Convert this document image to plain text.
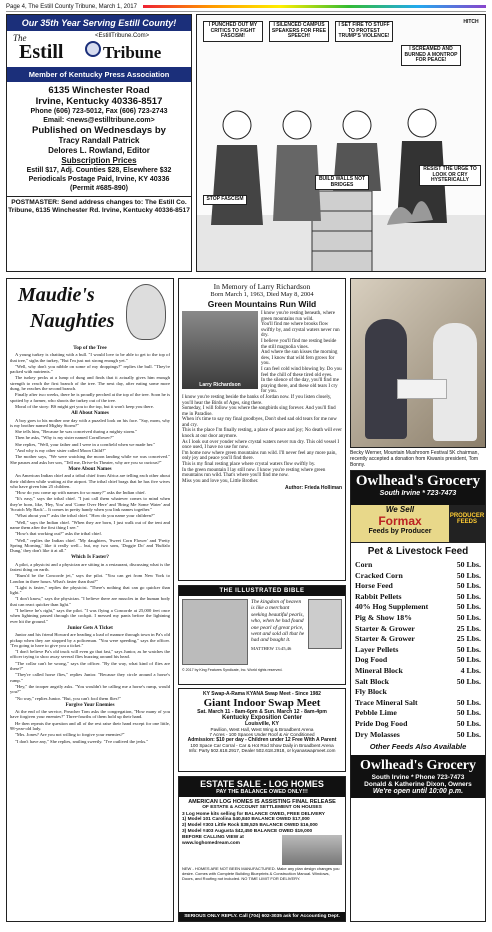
Page 4, The Estill County Tribune, March 1, 2017
Our 35th Year Serving Estill County!
The	<EstillTribune.Com>
Estill Tribune
Member of Kentucky Press Association
6135 Winchester Road
Irvine, Kentucky 40336-8517
Phone (606) 723-5012, Fax (606) 723-2743
Email: <news@estilltribune.com>
Published on Wednesdays by
Tracy Randall Patrick
Delores L. Rowland, Editor
Subscription Prices
Estill $17, Adj. Counties $28, Elsewhere $32
Periodicals Postage Paid, Irvine, KY 40336
(Permit #685-890)
POSTMASTER: Send address changes to: The Estill Co. Tribune, 6135 Winchester Rd. Irvine, Kentucky 40336-8517
I PUNCHED OUT MY CRITICS TO FIGHT FASCISM!
I SILENCED CAMPUS SPEAKERS FOR FREE SPEECH!
I SET FIRE TO STUFF TO PROTEST TRUMP'S VIOLENCE!
I SCREAMED AND BURNED A MONTROP FOR PEACE!
RESIST THE URGE TO LOOK OR CRY HYSTERICALLY
STOP FASCISM
BUILD WALLS NOT BRIDGES
HITCH
Maudie's
Naughties
Top of the Tree

A young turkey is chatting with a bull. "I would love to be able to get to the top of that tree," sighs the turkey, "But I'm just not strong enough yet."

"Well, why don't you nibble on some of my droppings?" replies the bull. "They're packed with nutrients."

The turkey pecks at a lump of dung and finds that it actually gives him enough strength to reach the first branch of the tree. The next day, after eating some more dung, he reaches the second branch.

Finally after two weeks, there he is proudly perched at the top of the tree. Soon he is spotted by a farmer, who shoots the turkey out of the tree.

Moral of the story: BS might get you to the top, but it won't keep you there.

All About Names

A boy goes to his mother one day with a puzzled look on his face. "Say, mom, why is my brother named Mighty Storm?"

She tells him, "Because he was conceived during a mighty storm."

Then he asks, "Why is my sister named Cornflower?"

She replies, "Well, your father and I were in a cornfield when we made her."

"And why is my other sister called Moon Child?"

The mother says, "We were watching the moon landing while we was conceived." She pauses and asks her son, "Tell me, Drive-In Theater, why are you so curious?"

More About Names

An American Indian chief and a tribal chief from Africa are telling each other about their children while waiting at the airport. The tribal chief brags that he has five wives who have given him 25 children.

"How do you come up with names for so many?" asks the Indian chief.

"It's easy," says the tribal chief. "I just call them whatever comes to mind when they're born, like, 'Hey, You' and 'Come Over Here' and 'Bring Me Some Water' and 'Scratch My Back'... It comes in pretty handy when you link names together."

"What about you?" asks the tribal chief. "How do you name your children?"

"Well," says the Indian chief. "When they are born, I just walk out of the tent and name them after the first thing I see."

"How's that working out?" asks the tribal chief.

"Well," replies the Indian chief. "My daughters, 'Sweet Corn Flower' and 'Pretty Spring Morning,' like it really well... but, my two sons, 'Doggie Do' and 'Buffalo Dung,' they don't like it at all."

Which Is Faster?

A pilot, a physicist and a physician are sitting in a restaurant, discussing what is the fastest thing on earth.

"Runs'd be the Concorde jet," says the pilot. "You can get from New York to London in three hours. What's faster than that?"

"Light is faster," replies the physicist. "There's nothing that can go quicker than light."

"I don't know," says the physician. "I believe there are muscles in the human body that can react quicker than light."

"I believe he's right," says the pilot. "I was flying a Concorde at 25,000 feet once when lightning passed through the cockpit. I messed my pants before the lightning ever hit the ground."

Junior Gets A Ticket

Junior and his friend Howard are heading a load of manure through town in Pa's old pickup when they are stopped by a policeman. "You were speeding," says the officer. "I'm going to have to give you a ticket."

"I don't believe Pa's old truck will even go that fast," says Junior, as he watches the officer trying to shoo away several flies buzzing around his head.

"The collar can't be wrong," says the officer. "By the way, what kind of flies are these?"

"They're called horse flies," replies Junior. "Because they circle around a horse's rump."

"Hey," the trooper angrily asks. "You wouldn't be calling me a horse's rump, would you?"

"No way," replies Junior. "But, you can't fool them flies!"

Forgive Your Enemies

At the end of the service, Preacher Tom asks the congregation, "How many of you have forgiven your enemies?" Three-fourths of them hold up their hand.

He then repeats the question and all of the rest raise their hand except for one little, 98-year-old lady.

"Mrs. Jones? Are you not willing to forgive your enemies?"

"I don't have any," She replies, smiling sweetly. "I've outlived the jerks."

In Memory of Larry Richardson
Born March 1, 1963, Died May 8, 2004
Green Mountains Run Wild
Larry Richardson

I know you're resting beneath, where green mountains run wild.

You'll find me where brooks flow swiftly by, and crystal waters never run dry.

I believe you'll find me resting beside the still magnolia vines.

And where the sun kisses the morning dew, I know that wild fern grows for you.

I can feel cold wind blowing by. Do you feel the chill of these tired old eyes.

In the silence of the day, you'll find me praying there, and these old tears I cry for you.

I know you're resting beside the banks of Jordan now. If you listen closely, you'll hear the Birds of Ages, sing there.

Someday, I will follow you where the songbirds sing forever. And you'll find me in Paradise.

When it's time to say my final goodbyes, Don't shed sad old tears for me now and cry.

This is the place I'm finally resting, a place of peace and joy; No death will ever knock at our door anymore.

As I look out over yonder where crystal waters never run dry. This old vessel I once used, I have no use for now.

I'm home now where green mountains run wild. I'll never feel any more pain, only joy and peace you'll find there.

This is my final resting place where crystal waters flow swiftly by.

In the green mountain I lay still now. I know you're resting where green mountains run wild. That's where you'll find me now.

Miss you and love you, Little Brother.

Author: Frieda Holliman
Becky Werner, Mountain Mushroom Festival 5K chairman, recently accepted a donation from Kiwanis president, Tom Bonny.
Owlhead's Grocery
South Irvine * 723-7473
We Sell
Formax
Feeds by Producer
PRODUCER FEEDS
Pet & Livestock Feed
Corn	50 Lbs.
Cracked Corn	50 Lbs.
Horse Feed	50 Lbs.
Rabbit Pellets	50 Lbs.
40% Hog Supplement	50 Lbs.
Pig & Show 18%	50 Lbs.
Starter & Grower	25 Lbs.
Starter & Grower	25 Lbs.
Layer Pellets	50 Lbs.
Dog Food	50 Lbs.
Mineral Block	4 Lbs.
Salt Block	50 Lbs.
Fly Block
Trace Mineral Salt	50 Lbs.
Pebble Lime	50 Lbs.
Pride Dog Food	50 Lbs.
Dry Molasses	50 Lbs.
Other Feeds Also Available
Owlhead's Grocery
South Irvine * Phone 723-7473
Donald & Katherine Dixon, Owners
We're open until 10:00 p.m.
THE ILLUSTRATED BIBLE
The kingdom of heaven is like a merchant seeking beautiful pearls, who, when he had found one pearl of great price, went and sold all that he had and bought it.
MATTHEW 13:45,46
© 2017 by King Features Syndicate, Inc. World rights reserved.
KY Swap-A-Rama KYANA Swap Meet - Since 1982
Giant Indoor Swap Meet
Sat. March 11 - 8am-6pm & Sun. March 12 - 8am-4pm
Kentucky Exposition Center
Louisville, KY
Pavilion, West Hall, West Wing & Broadbent Arena
7 Acres - 100 Spaces Under Roof & Air Conditioned
Admission: $10 per day - Children under 12 Free With A Parent
100 Space Car Corral - Car & Hot Rod Show Daily in Broadbent Arena
Info: Party 502.618.2917, Dealer 502.618.2918, or kyanaswapmeet.com
ESTATE SALE - LOG HOMES
PAY THE BALANCE OWED ONLY!!!
AMERICAN LOG HOMES IS ASSISTING FINAL RELEASE
OF ESTATE & ACCOUNT SETTLEMENT ON HOUSES
3 Log Home kits selling for BALANCE OWED, FREE DELIVERY
1) Model 101 Carolina $40,840 BALANCE OWED $17,000
2) Model #303 Little Rock $38,525 BALANCE OWED $16,000
3) Model #403 Augusta $42,450 BALANCE OWED $19,000
BEFORE CALLING VIEW at www.loghomedream.com
NEW - HOMES ARE NOT BEEN MANUFACTURED. Make any plan design changes you desire. Comes with Complete Building Blueprints & Construction Manual. Windows, Doors, and Roofing not included. NO TIME LIMIT FOR DELIVERY.
SERIOUS ONLY REPLY. Call (704) 602-3035 ask for Accounting Dept.
